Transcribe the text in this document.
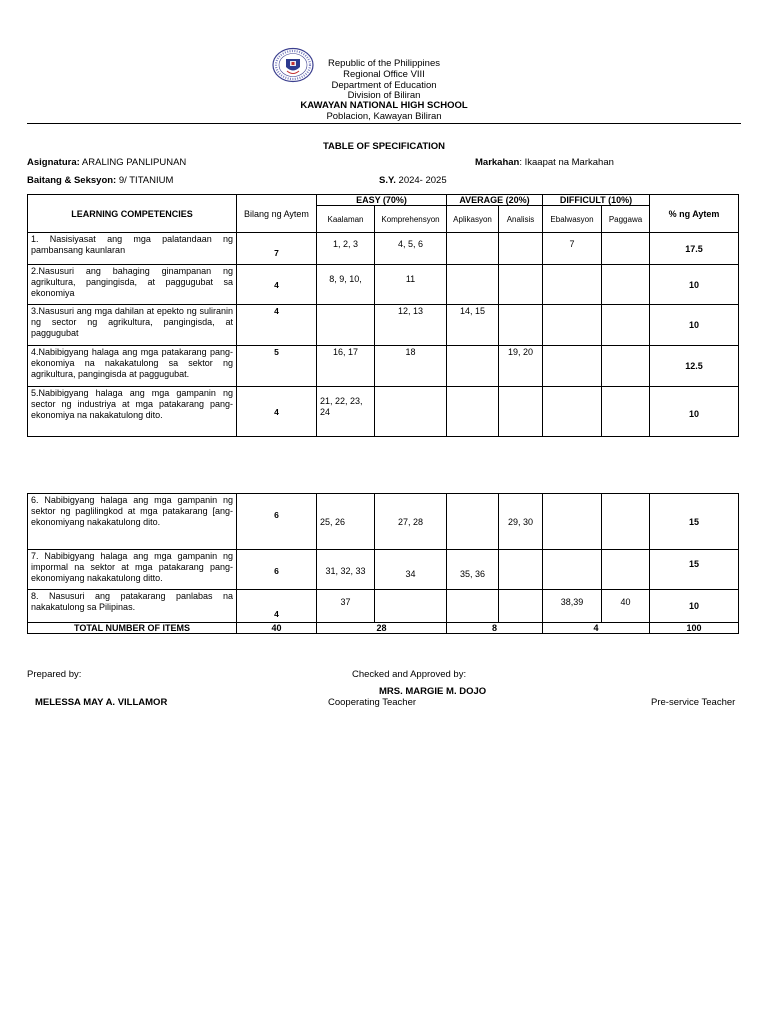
Republic of the Philippines
Regional Office VIII
Department of Education
Division of Biliran
KAWAYAN NATIONAL HIGH SCHOOL
Poblacion, Kawayan Biliran
TABLE OF SPECIFICATION
Asignatura: ARALING PANLIPUNAN	Markahan: Ikaapat na Markahan
Baitang & Seksyon: 9/ TITANIUM	S.Y. 2024- 2025
LEARNING COMPETENCIES	Bilang ng Aytem	EASY (70%)		AVERAGE (20%)		DIFFICULT (10%)		% ng Aytem
		Kaalaman	Komprehensyon	Aplikasyon	Analisis	Ebalwasyon	Paggawa	
1. Nasisiyasat ang mga palatandaan ng pambansang kaunlaran	7	1, 2, 3	4, 5, 6			7		17.5
2.Nasusuri ang bahaging ginampanan ng agrikultura, pangingisda, at paggugubat sa ekonomiya	4	8, 9, 10,	11					10
3.Nasusuri ang mga dahilan at epekto ng suliranin ng sector ng agrikultura, pangingisda, at paggugubat	4		12, 13	14, 15				10
4.Nabibigyang halaga ang mga patakarang pang-ekonomiya na nakakatulong sa sektor ng agrikultura, pangingisda at paggugubat.	5	16, 17	18		19, 20			12.5
5.Nabibigyang halaga ang mga gampanin ng sector ng industriya at mga patakarang pang-ekonomiya na nakakatulong dito.	4	21, 22, 23, 24						10
6. Nabibigyang halaga ang mga gampanin ng sektor ng paglilingkod at mga patakarang [ang-ekonomiyang nakakatulong dito.	6	25, 26	27, 28		29, 30			15
7. Nabibigyang halaga ang mga gampanin ng impormal na sektor at mga patakarang pang-ekonomiyang nakakatulong ditto.	6	31, 32, 33	34	35, 36				15
8. Nasusuri ang patakarang panlabas na nakakatulong sa Pilipinas.	4	37				38,39	40	10
TOTAL NUMBER OF ITEMS	40	28		8		4		100
Prepared by:	Checked and Approved by:
MRS. MARGIE M. DOJO
MELESSA MAY A. VILLAMOR	Cooperating Teacher	Pre-service Teacher
